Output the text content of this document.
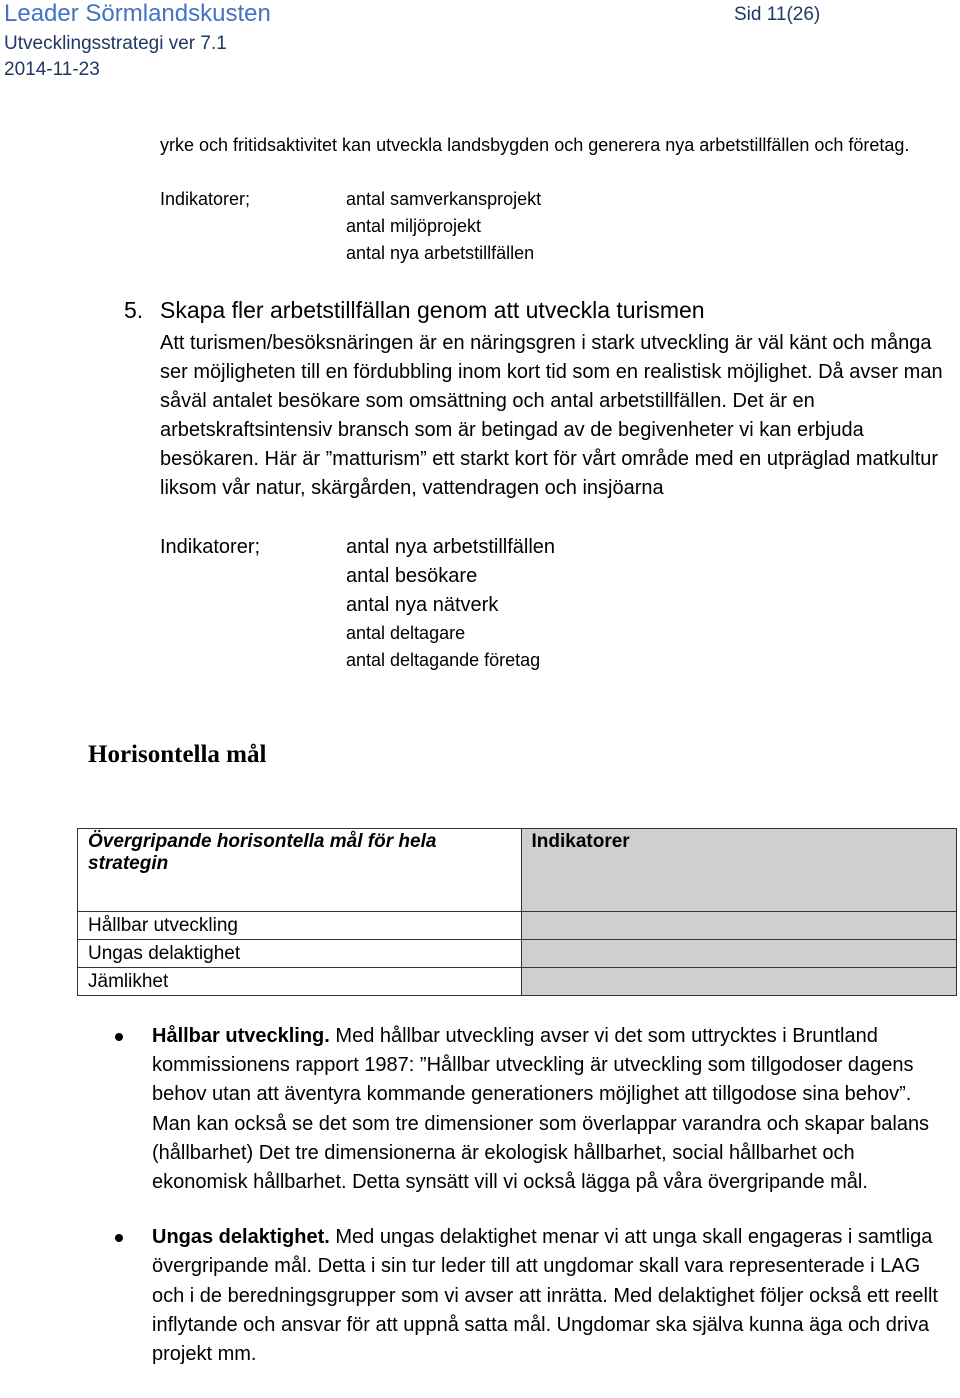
Leader Sörmlandskusten
Utvecklingsstrategi ver 7.1
2014-11-23
Sid 11(26)
yrke och fritidsaktivitet kan utveckla landsbygden och generera nya arbetstillfällen och företag.
Indikatorer;	antal samverkansprojekt
antal miljöprojekt
antal nya arbetstillfällen
5. Skapa fler arbetstillfällan genom att utveckla turismen
Att turismen/besöksnäringen är en näringsgren i stark utveckling är väl känt och många ser möjligheten till en fördubbling inom kort tid som en realistisk möjlighet. Då avser man såväl antalet besökare som omsättning och antal arbetstillfällen. Det är en arbetskraftsintensiv bransch som är betingad av de begivenheter vi kan erbjuda besökaren. Här är ”matturism” ett starkt kort för vårt område med en utpräglad matkultur liksom vår natur, skärgården, vattendragen och insjöarna
Indikatorer;	antal nya arbetstillfällen
antal besökare
antal nya nätverk
antal deltagare
antal deltagande företag
Horisontella mål
Övergripande horisontella mål för hela strategin	Indikatorer
Hållbar utveckling	
Ungas delaktighet	
Jämlikhet	
Hållbar utveckling. Med hållbar utveckling avser vi det som uttrycktes i Bruntland kommissionens rapport 1987: ”Hållbar utveckling är utveckling som tillgodoser dagens behov utan att äventyra kommande generationers möjlighet att tillgodose sina behov”. Man kan också se det som tre dimensioner som överlappar varandra och skapar balans (hållbarhet) Det tre dimensionerna är ekologisk hållbarhet, social hållbarhet och ekonomisk hållbarhet. Detta synsätt vill vi också lägga på våra övergripande mål.
Ungas delaktighet. Med ungas delaktighet menar vi att unga skall engageras i samtliga övergripande mål. Detta i sin tur leder till att ungdomar skall vara representerade i LAG och i de beredningsgrupper som vi avser att inrätta. Med delaktighet följer också ett reellt inflytande och ansvar för att uppnå satta mål. Ungdomar ska själva kunna äga och driva projekt mm.
